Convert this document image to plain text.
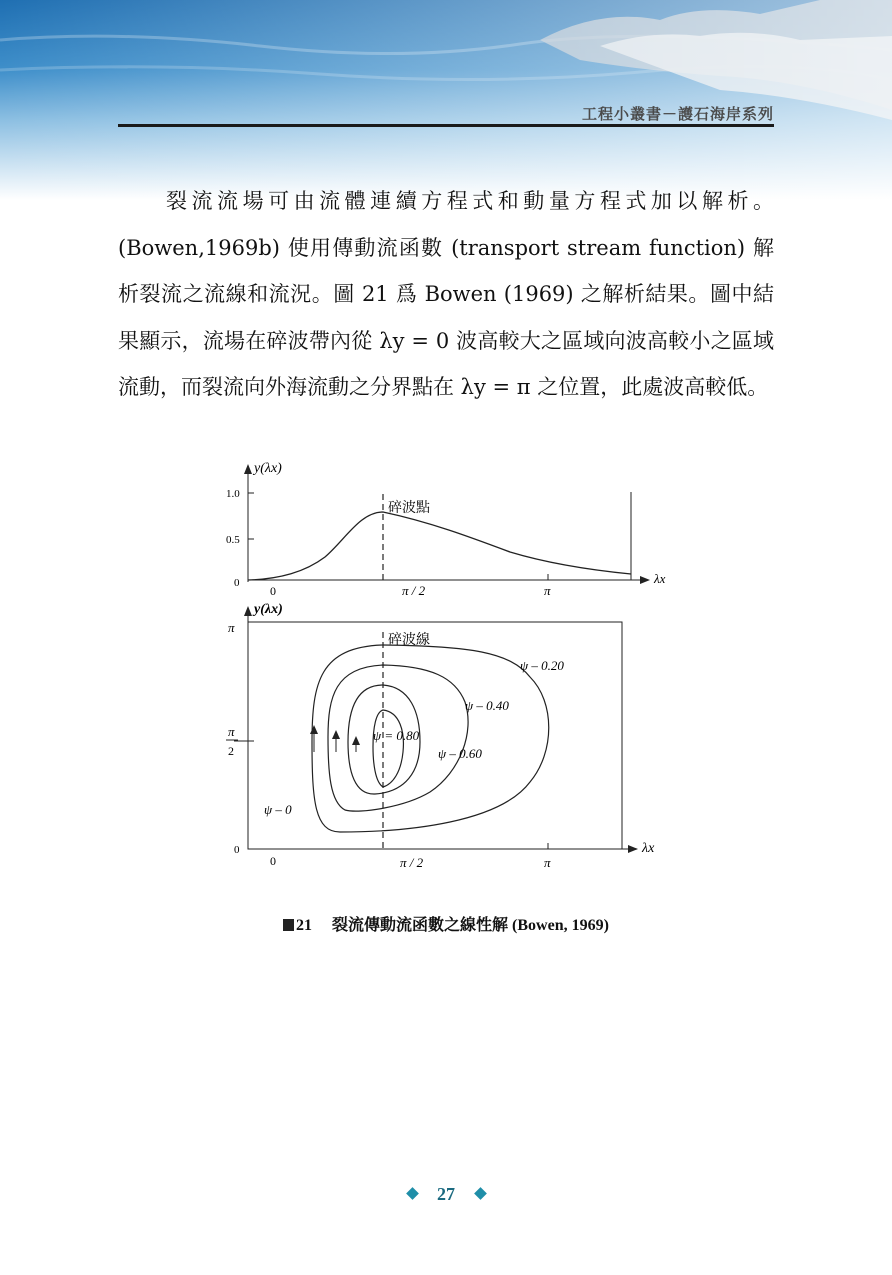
工程小叢書－護石海岸系列

裂流流場可由流體連續方程式和動量方程式加以解析。(Bowen,1969b) 使用傳動流函數 (transport stream function) 解析裂流之流線和流況。圖 21 爲 Bowen (1969) 之解析結果。圖中結果顯示，流場在碎波帶內從 λy = 0 波高較大之區域向波高較小之區域流動，而裂流向外海流動之分界點在 λy = π 之位置，此處波高較低。

y(λx)
1.0
0.5
0
0	π / 2	π
λx
碎波點
y(λx)
π
π
2
0
0	π / 2	π
λx
碎波線
ψ – 0.20
ψ – 0.40
ψ = 0.80
ψ – 0.60
ψ – 0
21 裂流傳動流函數之線性解 (Bowen, 1969)
27
